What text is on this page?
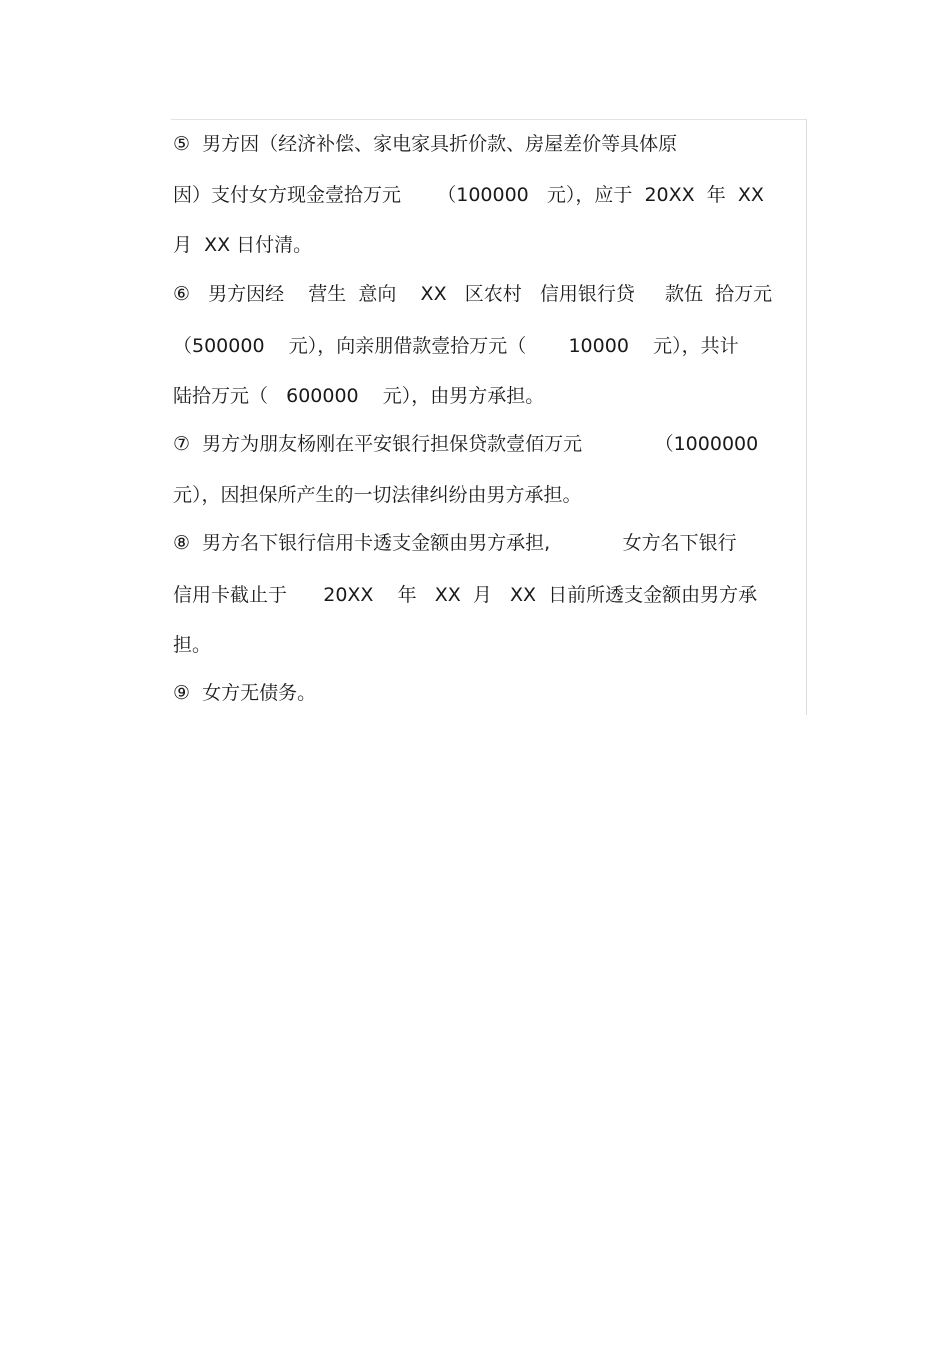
⑤  男方因（经济补偿、家电家具折价款、房屋差价等具体原
因）支付女方现金壹拾万元      （100000   元），应于  20XX  年  XX
月  XX 日付清。
⑥   男方因经    营生  意向    XX   区农村   信用银行贷     款伍  拾万元
（500000    元），向亲朋借款壹拾万元（       10000    元），共计
陆拾万元（   600000    元），由男方承担。
⑦  男方为朋友杨刚在平安银行担保贷款壹佰万元            （1000000
元），因担保所产生的一切法律纠纷由男方承担。
⑧  男方名下银行信用卡透支金额由男方承担,            女方名下银行
信用卡截止于      20XX    年   XX  月   XX  日前所透支金额由男方承
担。
⑨  女方无债务。
